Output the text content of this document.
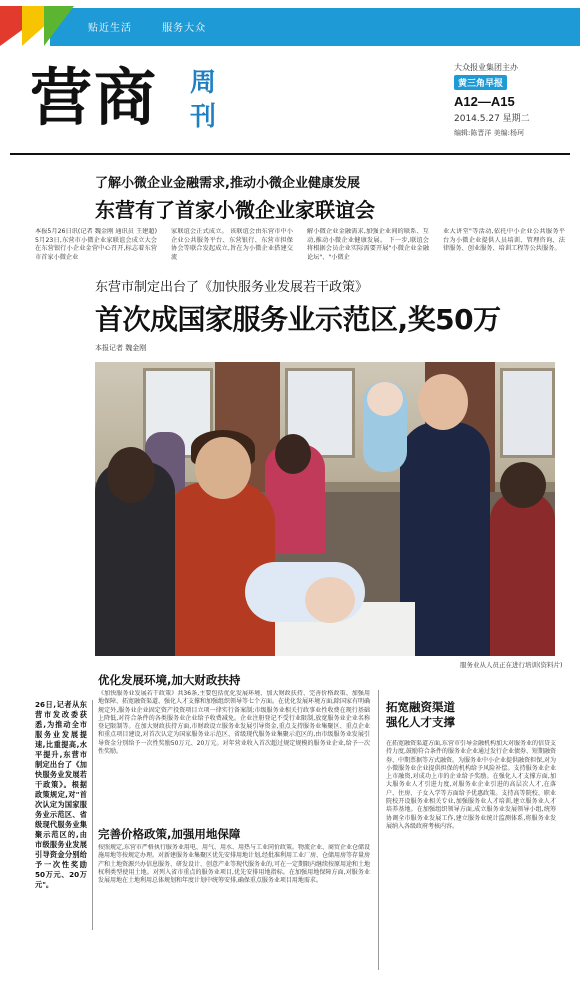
贴近生活	服务大众
营商 周刊
大众报业集团主办
黄三角早报
A12—A15
2014.5.27 星期二
编辑:陈晋洋 美编:杨珂
了解小微企业金融需求,推动小微企业健康发展
东营有了首家小微企业家联谊会
本报5月26日讯(记者 魏金刚 通讯员 王建超) 5月23日,东营市小微企业家联谊会成立大会在东营银行小企业金营中心召开,标志着东营市首家小微企业
家联谊会正式成立。 该联谊会由东营市中小企业公共服务平台、东营银行、东营市担保协会等联合发起成立,旨在为小微企业搭建交流
解小微企业金融需求,加强企业间的联系、互动,推动小微企业健康发展。 下一步,联谊会将根据会员企业实际需要开展"小微企业金融论坛"、"小微企
业大讲堂"等活动,依托中小企业公共服务平台为小微企业提供人员培训、管理咨询、法律服务、创业服务、培训工程等公共服务。
东营市制定出台了《加快服务业发展若干政策》
首次成国家服务业示范区,奖50万
本报记者 魏金刚
服务业从人员正在进行培训(资料片)
26日,记者从东营市发改委获悉,为推动全市服务业发展提速,比重提高,水平提升,东营市制定出台了《加快服务业发展若干政策》。根据政策规定,对"首次认定为国家服务业示范区、省级现代服务业集聚示范区的,由市级服务业发展引导资金分别给予一次性奖励50万元、20万元"。
优化发展环境,加大财政扶持
《加快服务业发展若干政策》共36条,主要包括优化发展环境、加大财政扶持、完善价格政策、加强用地保障、拓宽融资渠道、强化人才支撑和加强组织领导等七个方面。在优化发展环境方面,除国家有明确规定外,服务业企业固定资产投资项目立项一律实行备案制;市级服务业相关行政事业性收费在现行基础上降低,对符合条件的各类服务业企业给予收费减免。企业注册登记不受行业限制,放宽服务业企业名称登记限制等。在加大财政扶持方面,市财政设立服务业发展引导资金,重点支持服务业集聚区、重点企业和重点项目建设,对首次认定为国家服务业示范区、省级现代服务业集聚示范区的,由市级服务业发展引导资金分别给予一次性奖励50万元、20万元。对年营业收入首次超过规定规模的服务业企业,给予一次性奖励。
完善价格政策,加强用地保障
按照规定,东营市严格执行服务业用电、用气、用水、用热与工业同价政策。物流企业、商贸企业仓储设施用地等按规定办理。对新建服务业集聚区优先安排用地计划,经批准利用工业厂房、仓储用房等存量房产和土地资源兴办信息服务、研发设计、创意产业等现代服务业的,可在一定期限内继续按原用途和土地权利类型使用土地。对列入省市重点的服务业项目,优先安排用地指标。在加强用地保障方面,对服务业发展用地在土地利用总体规划和年度计划中统筹安排,确保重点服务业项目用地需求。
拓宽融资渠道
强化人才支撑
在拓宽融资渠道方面,东营市引导金融机构加大对服务业的信贷支持力度,鼓励符合条件的服务业企业通过发行企业债券、短期融资券、中期票据等方式融资。为服务业中小企业提供融资担保,对为小微服务业企业提供担保的机构给予风险补偿。支持服务业企业上市融资,对成功上市的企业给予奖励。在强化人才支撑方面,加大服务业人才引进力度,对服务业企业引进的高层次人才,在落户、住房、子女入学等方面给予优惠政策。支持高等院校、职业院校开设服务业相关专业,加强服务业人才培训,建立服务业人才培养基地。在加强组织领导方面,成立服务业发展领导小组,统筹协调全市服务业发展工作,建立服务业统计监测体系,将服务业发展纳入各级政府考核内容。
